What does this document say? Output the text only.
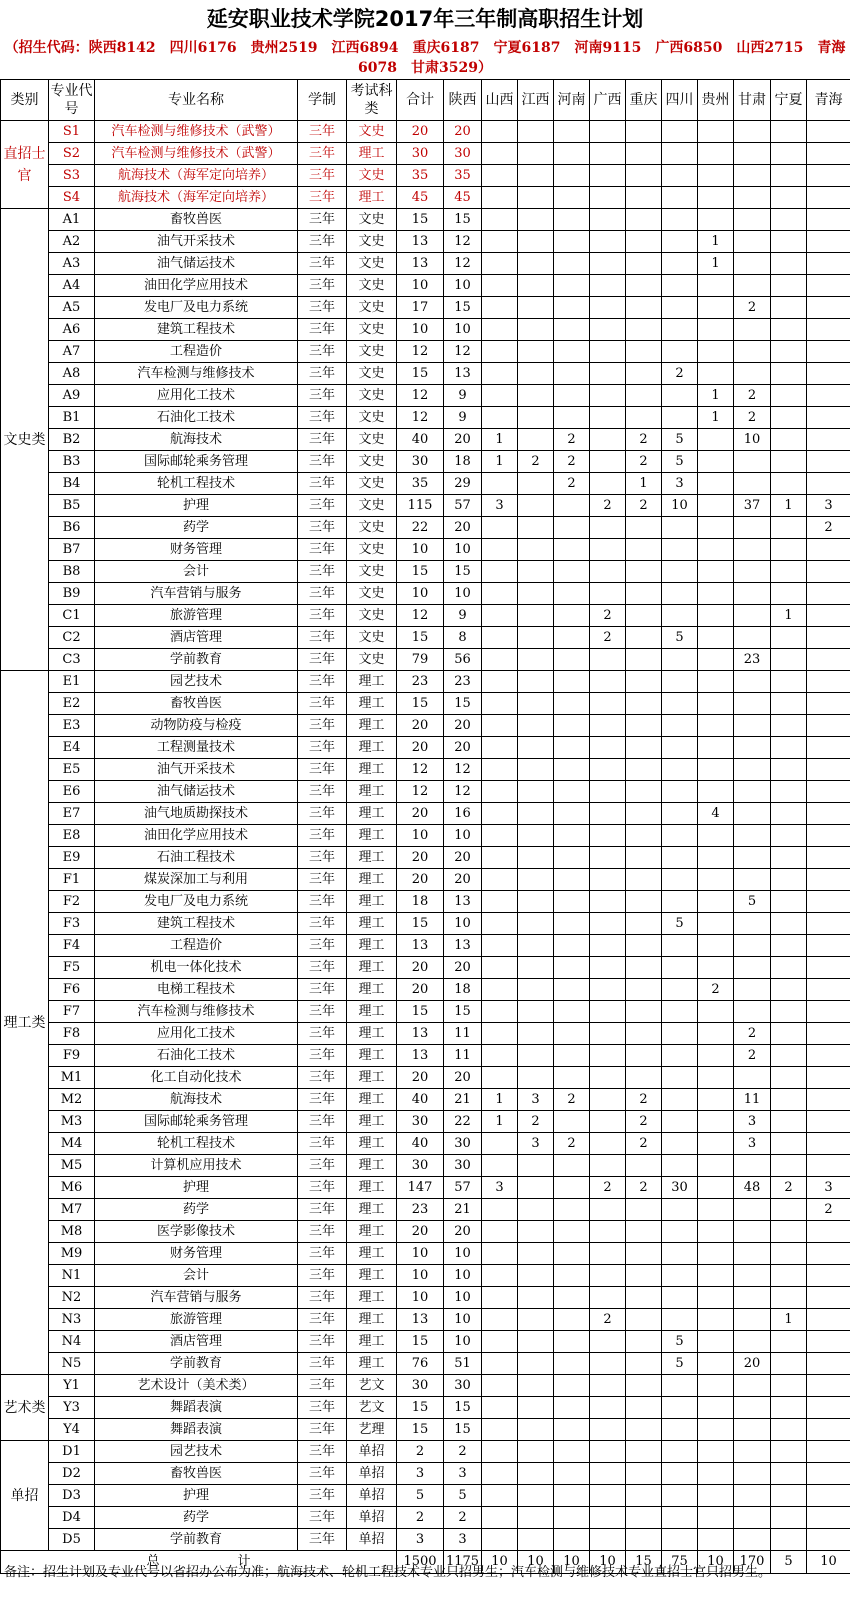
延安职业技术学院2017年三年制高职招生计划
（招生代码：陕西8142　四川6176　贵州2519　江西6894　重庆6187　宁夏6187　河南9115　广西6850　山西2715　青海6078　甘肃3529）
类别	专业代号	专业名称	学制	考试科类	合计	陕西	山西	江西	河南	广西	重庆	四川	贵州	甘肃	宁夏	青海
直招士官	S1	汽车检测与维修技术（武警）	三年	文史	20	20										
	S2	汽车检测与维修技术（武警）	三年	理工	30	30										
	S3	航海技术（海军定向培养）	三年	文史	35	35										
	S4	航海技术（海军定向培养）	三年	理工	45	45										
文史类	A1	畜牧兽医	三年	文史	15	15										
	A2	油气开采技术	三年	文史	13	12							1			
	A3	油气储运技术	三年	文史	13	12							1			
	A4	油田化学应用技术	三年	文史	10	10										
	A5	发电厂及电力系统	三年	文史	17	15								2		
	A6	建筑工程技术	三年	文史	10	10										
	A7	工程造价	三年	文史	12	12										
	A8	汽车检测与维修技术	三年	文史	15	13						2				
	A9	应用化工技术	三年	文史	12	9							1	2		
	B1	石油化工技术	三年	文史	12	9							1	2		
	B2	航海技术	三年	文史	40	20	1		2		2	5		10		
	B3	国际邮轮乘务管理	三年	文史	30	18	1	2	2		2	5				
	B4	轮机工程技术	三年	文史	35	29			2		1	3				
	B5	护理	三年	文史	115	57	3			2	2	10		37	1	3
	B6	药学	三年	文史	22	20										2
	B7	财务管理	三年	文史	10	10										
	B8	会计	三年	文史	15	15										
	B9	汽车营销与服务	三年	文史	10	10										
	C1	旅游管理	三年	文史	12	9				2					1	
	C2	酒店管理	三年	文史	15	8				2		5				
	C3	学前教育	三年	文史	79	56								23		
理工类	E1	园艺技术	三年	理工	23	23										
	E2	畜牧兽医	三年	理工	15	15										
	E3	动物防疫与检疫	三年	理工	20	20										
	E4	工程测量技术	三年	理工	20	20										
	E5	油气开采技术	三年	理工	12	12										
	E6	油气储运技术	三年	理工	12	12										
	E7	油气地质勘探技术	三年	理工	20	16							4			
	E8	油田化学应用技术	三年	理工	10	10										
	E9	石油工程技术	三年	理工	20	20										
	F1	煤炭深加工与利用	三年	理工	20	20										
	F2	发电厂及电力系统	三年	理工	18	13								5		
	F3	建筑工程技术	三年	理工	15	10						5				
	F4	工程造价	三年	理工	13	13										
	F5	机电一体化技术	三年	理工	20	20										
	F6	电梯工程技术	三年	理工	20	18							2			
	F7	汽车检测与维修技术	三年	理工	15	15										
	F8	应用化工技术	三年	理工	13	11								2		
	F9	石油化工技术	三年	理工	13	11								2		
	M1	化工自动化技术	三年	理工	20	20										
	M2	航海技术	三年	理工	40	21	1	3	2		2			11		
	M3	国际邮轮乘务管理	三年	理工	30	22	1	2			2			3		
	M4	轮机工程技术	三年	理工	40	30		3	2		2			3		
	M5	计算机应用技术	三年	理工	30	30										
	M6	护理	三年	理工	147	57	3			2	2	30		48	2	3
	M7	药学	三年	理工	23	21										2
	M8	医学影像技术	三年	理工	20	20										
	M9	财务管理	三年	理工	10	10										
	N1	会计	三年	理工	10	10										
	N2	汽车营销与服务	三年	理工	10	10										
	N3	旅游管理	三年	理工	13	10				2					1	
	N4	酒店管理	三年	理工	15	10						5				
	N5	学前教育	三年	理工	76	51						5		20		
艺术类	Y1	艺术设计（美术类）	三年	艺文	30	30										
	Y3	舞蹈表演	三年	艺文	15	15										
	Y4	舞蹈表演	三年	艺理	15	15										
单招	D1	园艺技术	三年	单招	2	2										
	D2	畜牧兽医	三年	单招	3	3										
	D3	护理	三年	单招	5	5										
	D4	药学	三年	单招	2	2										
	D5	学前教育	三年	单招	3	3										
总　　　　　　计					1500	1175	10	10	10	10	15	75	10	170	5	10
备注：招生计划及专业代号以省招办公布为准；航海技术、轮机工程技术专业只招男生；汽车检测与维修技术专业直招士官只招男生。
